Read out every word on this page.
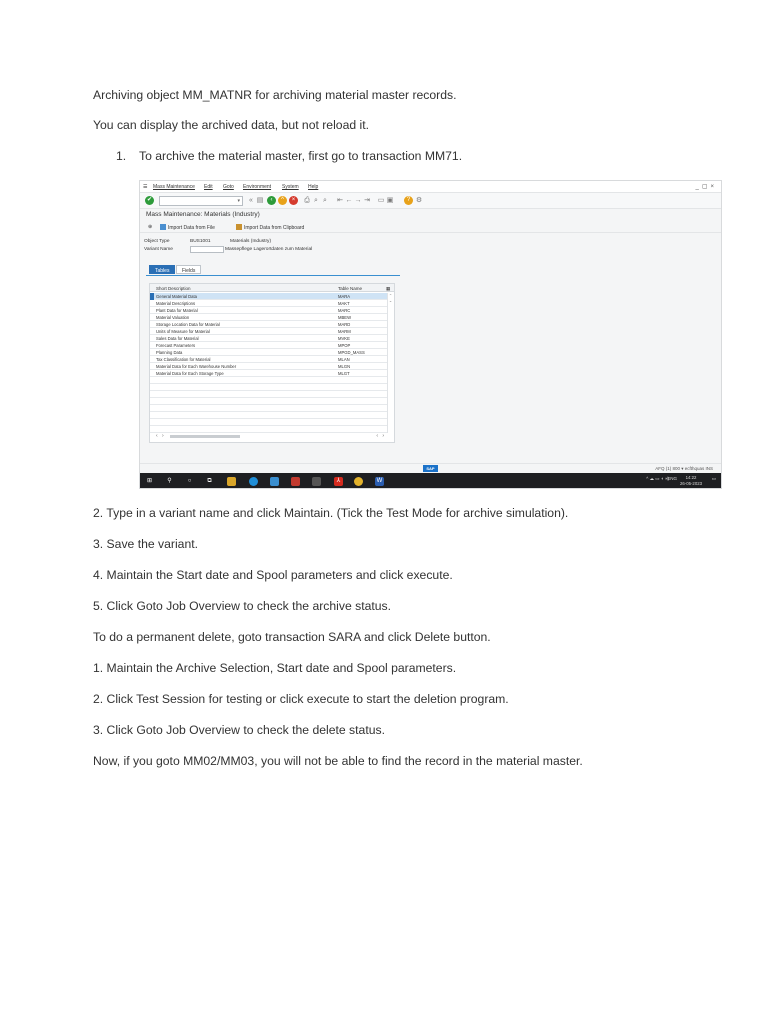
Archiving object MM_MATNR for archiving material master records.
You can display the archived data, but not reload it.
1. To archive the material master, first go to transaction MM71.
☰ Mass Maintenance Edit Goto Environment System Help	_▢×
✔	▾ « ▤	‹	^	×	⎙ ⌕ ⌕ ⇤ ← → ⇥ ▭ ▣	? ⚙
Mass Maintenance: Materials (Industry)
⊕	Import Data from File	Import Data from Clipboard
Object Type	BUS1001	Materials (Industry)
Variant Name	Massepflege Lagerortdaten zum Material
Tables	Fields
Short Description	Table Name	▦
General Material Data	MARA
Material Descriptions	MAKT
Plant Data for Material	MARC
Material Valuation	MBEW
Storage Location Data for Material	MARD
Units of Measure for Material	MARM
Sales Data for Material	MVKE
Forecast Parameters	MPOP
Planning Data	MPGD_MASS
Tax Classification for Material	MLAN
Material Data for Each Warehouse Number	MLGN
Material Data for Each Storage Type	MLGT
⌃
⌄
‹ ›	‹ ›
SAP	AFQ (1) 800 ▾ ecfthquas INS
⊞	⚲	○	⧉	⅄	W	^ ☁ ▭ ◖ ◗)
ENG	14:22
26-05-2023
▭
2. Type in a variant name and click Maintain. (Tick the Test Mode for archive simulation).
3. Save the variant.
4. Maintain the Start date and Spool parameters and click execute.
5. Click Goto Job Overview to check the archive status.
To do a permanent delete, goto transaction SARA and click Delete button.
1. Maintain the Archive Selection, Start date and Spool parameters.
2. Click Test Session for testing or click execute to start the deletion program.
3. Click Goto Job Overview to check the delete status.
Now, if you goto MM02/MM03, you will not be able to find the record in the material master.
